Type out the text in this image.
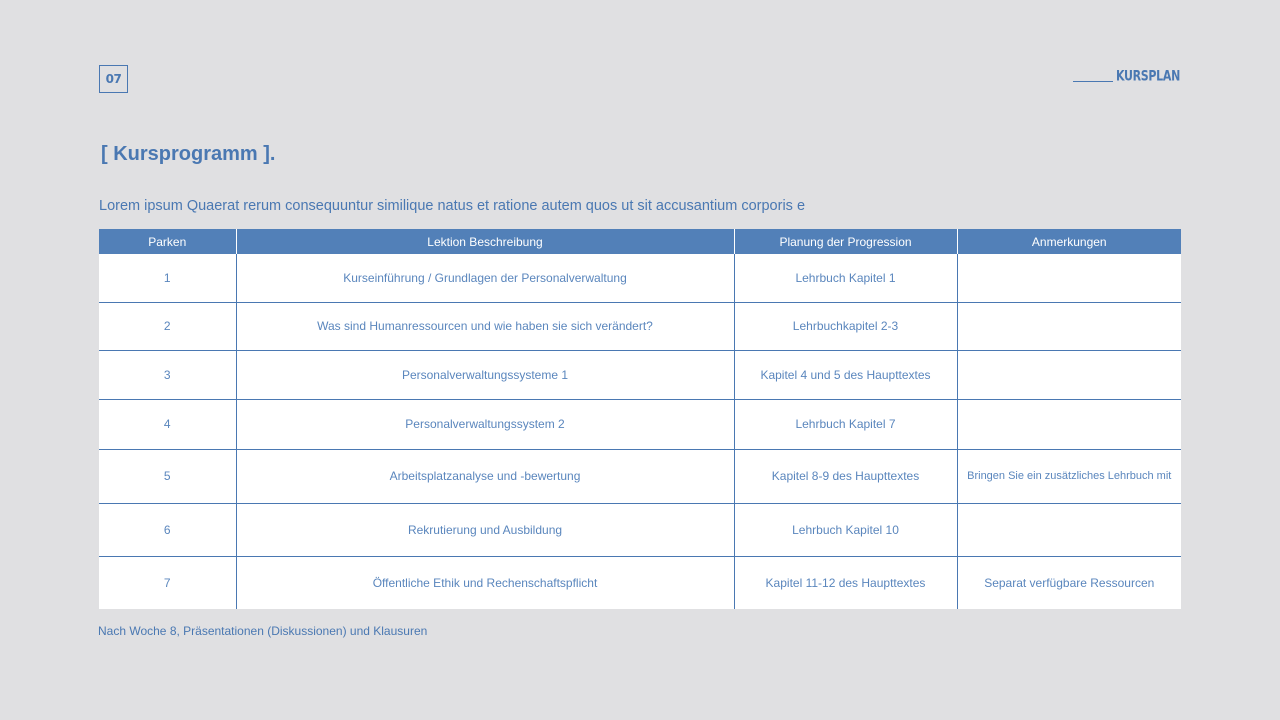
07	KURSPLAN
[ Kursprogramm ].

Lorem ipsum Quaerat rerum consequuntur similique natus et ratione autem quos ut sit accusantium corporis e

Parken	Lektion Beschreibung	Planung der Progression	Anmerkungen
1	Kurseinführung / Grundlagen der Personalverwaltung	Lehrbuch Kapitel 1	
2	Was sind Humanressourcen und wie haben sie sich verändert?	Lehrbuchkapitel 2-3	
3	Personalverwaltungssysteme 1	Kapitel 4 und 5 des Haupttextes	
4	Personalverwaltungssystem 2	Lehrbuch Kapitel 7	
5	Arbeitsplatzanalyse und -bewertung	Kapitel 8-9 des Haupttextes	Bringen Sie ein zusätzliches Lehrbuch mit
6	Rekrutierung und Ausbildung	Lehrbuch Kapitel 10	
7	Öffentliche Ethik und Rechenschaftspflicht	Kapitel 11-12 des Haupttextes	Separat verfügbare Ressourcen

Nach Woche 8, Präsentationen (Diskussionen) und Klausuren
